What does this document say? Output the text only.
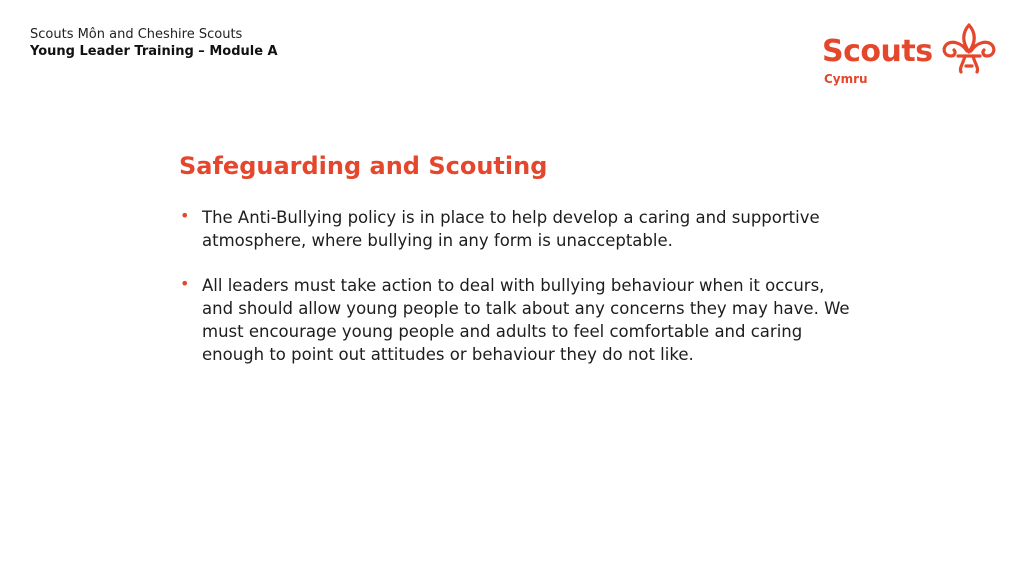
Scouts Môn and Cheshire Scouts
Young Leader Training – Module A	Scouts
Cymru
Safeguarding and Scouting
• The Anti-Bullying policy is in place to help develop a caring and supportive atmosphere, where bullying in any form is unacceptable.
• All leaders must take action to deal with bullying behaviour when it occurs, and should allow young people to talk about any concerns they may have. We must encourage young people and adults to feel comfortable and caring enough to point out attitudes or behaviour they do not like.
